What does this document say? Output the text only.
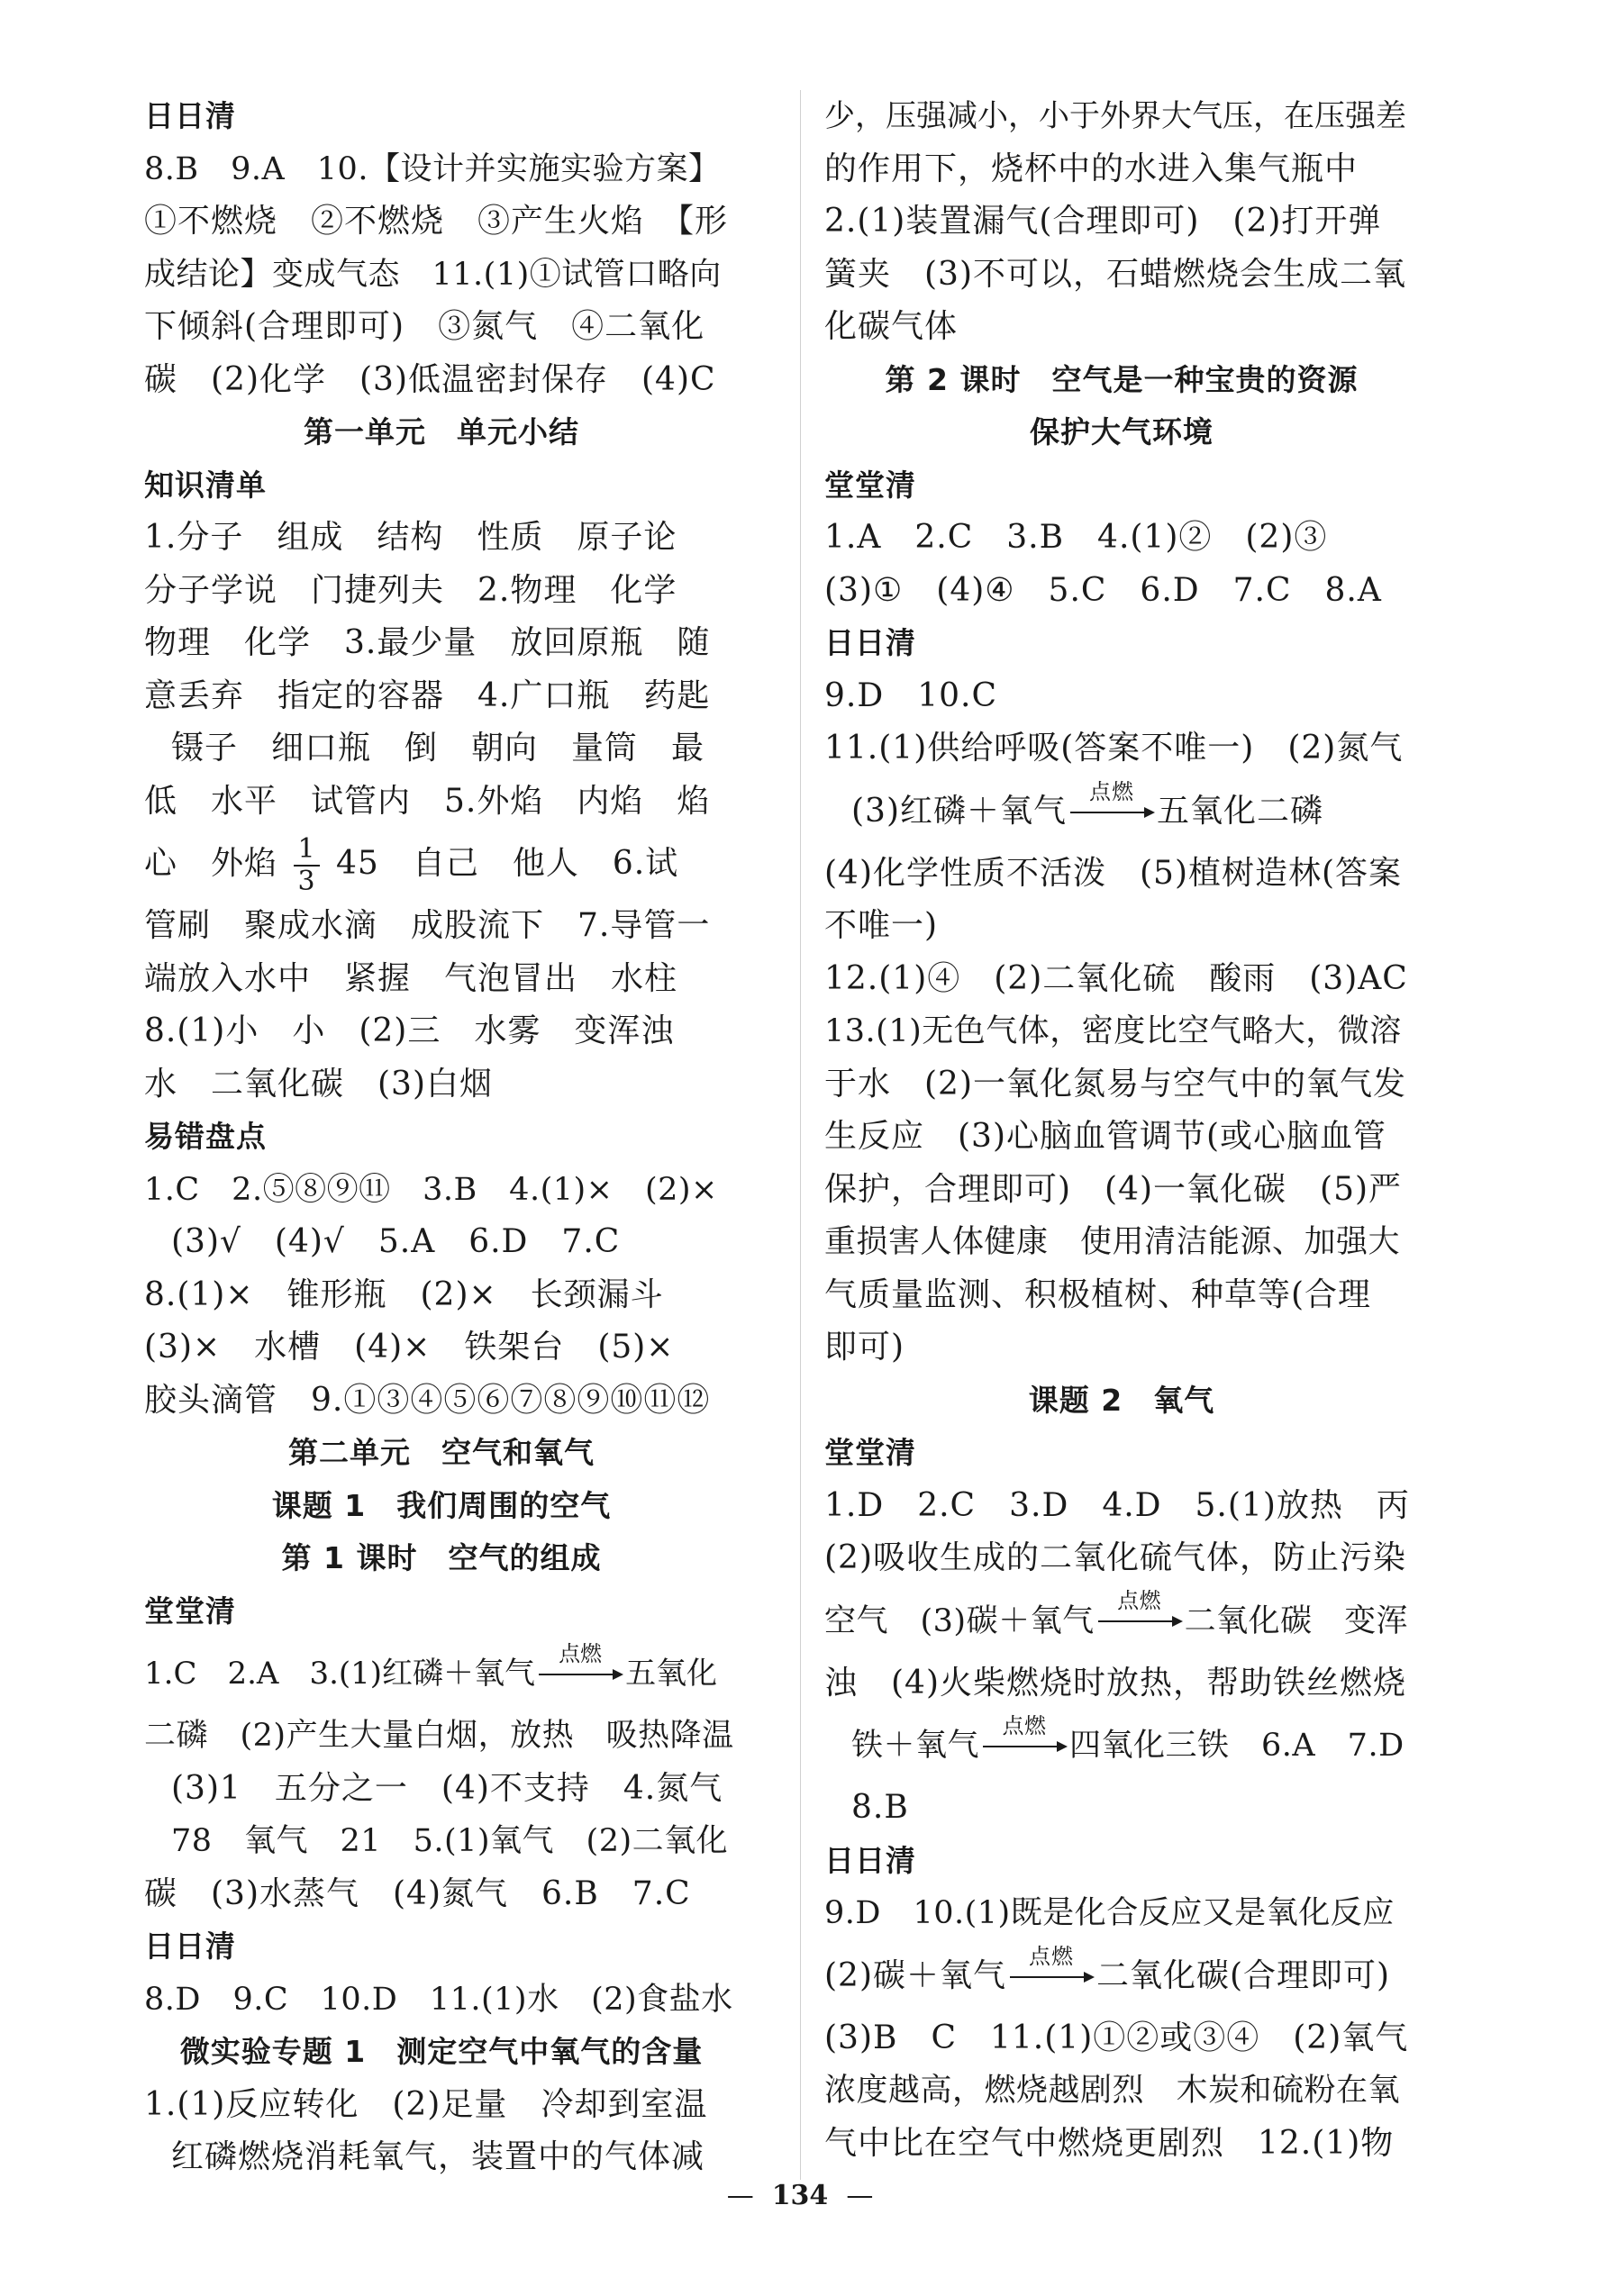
日日清
8.B　9.A　10.【设计并实施实验方案】
①不燃烧　②不燃烧　③产生火焰　【形
成结论】变成气态　11.(1)①试管口略向
下倾斜(合理即可)　③氮气　④二氧化
碳　(2)化学　(3)低温密封保存　(4)C
第一单元　单元小结
知识清单
1.分子　组成　结构　性质　原子论
分子学说　门捷列夫　2.物理　化学
物理　化学　3.最少量　放回原瓶　随
意丢弃　指定的容器　4.广口瓶　药匙
镊子　细口瓶　倒　朝向　量筒　最
低　水平　试管内　5.外焰　内焰　焰
心　外焰 $\frac{1}{3} 45$　自己　他人　6.试
管刷　聚成水滴　成股流下　7.导管一
端放入水中　紧握　气泡冒出　水柱
8.(1)小　小　(2)三　水雾　变浑浊
水　二氧化碳　(3)白烟
易错盘点
1.C　2.⑤⑧⑨⑪　3.B　4.(1)×　(2)×
(3)√　(4)√　5.A　6.D　7.C
8.(1)×　锥形瓶　(2)×　长颈漏斗
(3)×　水槽　(4)×　铁架台　(5)×
胶头滴管　9.①③④⑤⑥⑦⑧⑨⑩⑪⑫
第二单元　空气和氧气
课题 1　我们周围的空气
第 1 课时　空气的组成
堂堂清
1.C　2.A　3.(1)红磷＋氧气
点燃
五氧化
二磷　(2)产生大量白烟，放热　吸热降温
(3)1　五分之一　(4)不支持　4.氮气
78　氧气　21　5.(1)氧气　(2)二氧化
碳　(3)水蒸气　(4)氮气　6.B　7.C
日日清
8.D　9.C　10.D　11.(1)水　(2)食盐水
微实验专题 1　测定空气中氧气的含量
1.(1)反应转化　(2)足量　冷却到室温
红磷燃烧消耗氧气，装置中的气体减
少，压强减小，小于外界大气压，在压强差
的作用下，烧杯中的水进入集气瓶中
2.(1)装置漏气(合理即可)　(2)打开弹
簧夹　(3)不可以，石蜡燃烧会生成二氧
化碳气体
第 2 课时　空气是一种宝贵的资源
保护大气环境
堂堂清
1.A　2.C　3.B　4.(1)②　(2)③
(3)①　(4)④　5.C　6.D　7.C　8.A
日日清
9.D　10.C
11.(1)供给呼吸(答案不唯一)　(2)氮气
(3)红磷＋氧气
点燃
五氧化二磷
(4)化学性质不活泼　(5)植树造林(答案
不唯一)
12.(1)④　(2)二氧化硫　酸雨　(3)AC
13.(1)无色气体，密度比空气略大，微溶
于水　(2)一氧化氮易与空气中的氧气发
生反应　(3)心脑血管调节(或心脑血管
保护，合理即可)　(4)一氧化碳　(5)严
重损害人体健康　使用清洁能源、加强大
气质量监测、积极植树、种草等(合理
即可)
课题 2　氧气
堂堂清
1.D　2.C　3.D　4.D　5.(1)放热　丙
(2)吸收生成的二氧化硫气体，防止污染
空气　(3)碳＋氧气
点燃
二氧化碳　变浑
浊　(4)火柴燃烧时放热，帮助铁丝燃烧
铁＋氧气
点燃
四氧化三铁　6.A　7.D
8.B
日日清
9.D　10.(1)既是化合反应又是氧化反应
(2)碳＋氧气
点燃
二氧化碳(合理即可)
(3)B　C　11.(1)①②或③④　(2)氧气
浓度越高，燃烧越剧烈　木炭和硫粉在氧
气中比在空气中燃烧更剧烈　12.(1)物
— 134 —
